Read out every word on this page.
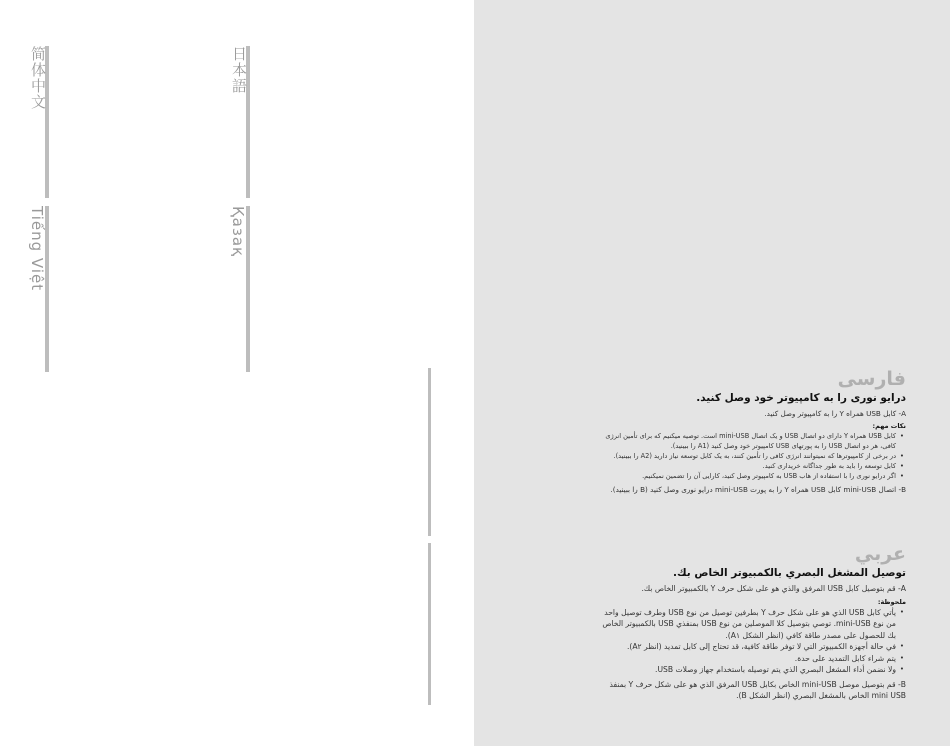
简体中文	日本語
Tiếng Việt	Қазақ
فارسی
درایو نوری را به کامپیوتر خود وصل کنید.
A- کابل USB همراه Y را به کامپیوتر وصل کنید.
نکات مهم:
• کابل USB همراه Y دارای دو اتصال USB و یک اتصال mini-USB است. توصیه میکنیم که برای تأمین انرژی کافی، هر دو اتصال USB را به پورتهای USB کامپیوتر خود وصل کنید (A1 را ببینید).
• در برخی از کامپیوترها که نمیتوانند انرژی کافی را تأمین کنند، به یک کابل توسعه نیاز دارید (A2 را ببینید).
• کابل توسعه را باید به طور جداگانه خریداری کنید.
• اگر درایو نوری را با استفاده از هاب USB به کامپیوتر وصل کنید، کارایی آن را تضمین نمیکنیم.
B- اتصال mini-USB کابل USB همراه Y را به پورت mini-USB درایو نوری وصل کنید (B را ببینید).
عربي
توصيل المشغل البصري بالكمبيوتر الخاص بك.
A- قم بتوصيل كابل USB المرفق والذي هو على شكل حرف Y بالكمبيوتر الخاص بك.
ملحوظة:
• يأتي كابل USB الذي هو على شكل حرف Y بطرفين توصيل من نوع USB وطرف توصيل واحد من نوع mini-USB. توصي بتوصيل كلا الموصلين من نوع USB بمنفذي USB بالكمبيوتر الخاص بك للحصول على مصدر طاقة كافي (انظر الشكل A١).
• في حالة أجهزة الكمبيوتر التي لا توفر طاقة كافية، قد تحتاج إلى كابل تمديد (انظر A٢).
• يتم شراء كابل التمديد على حدة.
• ولا نضمن أداء المشغل البصري الذي يتم توصيله باستخدام جهاز وصلات USB.
B- قم بتوصيل موصل mini-USB الخاص بكابل USB المرفق الذي هو على شكل حرف Y بمنفذ mini USB الخاص بالمشغل البصري (انظر الشكل B).
